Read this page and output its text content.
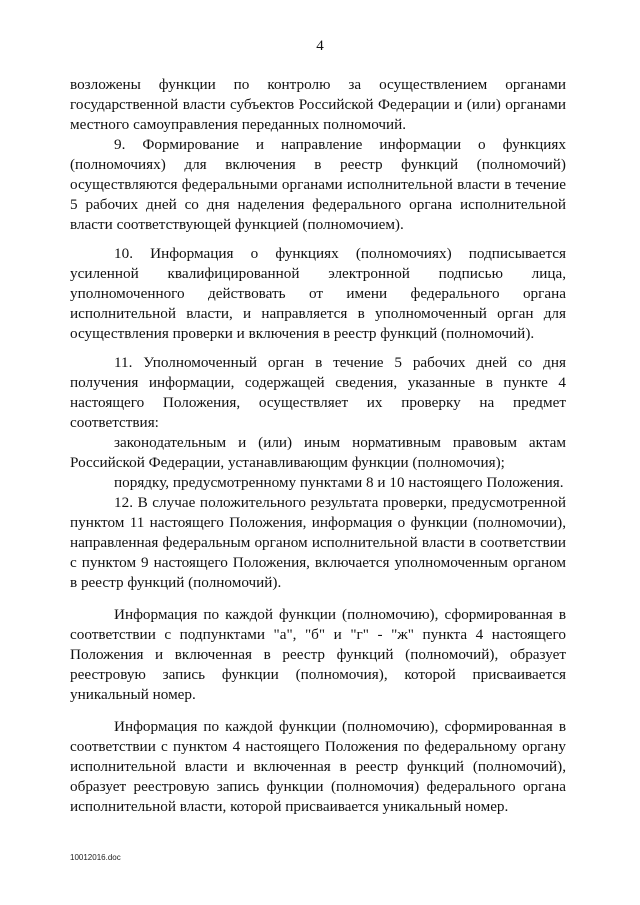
4

возложены функции по контролю за осуществлением органами государственной власти субъектов Российской Федерации и (или) органами местного самоуправления переданных полномочий.

9. Формирование и направление информации о функциях (полномочиях) для включения в реестр функций (полномочий) осуществляются федеральными органами исполнительной власти в течение 5 рабочих дней со дня наделения федерального органа исполнительной власти соответствующей функцией (полномочием).

10. Информация о функциях (полномочиях) подписывается усиленной квалифицированной электронной подписью лица, уполномоченного действовать от имени федерального органа исполнительной власти, и направляется в уполномоченный орган для осуществления проверки и включения в реестр функций (полномочий).

11. Уполномоченный орган в течение 5 рабочих дней со дня получения информации, содержащей сведения, указанные в пункте 4 настоящего Положения, осуществляет их проверку на предмет соответствия:

законодательным и (или) иным нормативным правовым актам Российской Федерации, устанавливающим функции (полномочия);

порядку, предусмотренному пунктами 8 и 10 настоящего Положения.

12. В случае положительного результата проверки, предусмотренной пунктом 11 настоящего Положения, информация о функции (полномочии), направленная федеральным органом исполнительной власти в соответствии с пунктом 9 настоящего Положения, включается уполномоченным органом в реестр функций (полномочий).

Информация по каждой функции (полномочию), сформированная в соответствии с подпунктами "а", "б" и "г" - "ж" пункта 4 настоящего Положения и включенная в реестр функций (полномочий), образует реестровую запись функции (полномочия), которой присваивается уникальный номер.

Информация по каждой функции (полномочию), сформированная в соответствии с пунктом 4 настоящего Положения по федеральному органу исполнительной власти и включенная в реестр функций (полномочий), образует реестровую запись функции (полномочия) федерального органа исполнительной власти, которой присваивается уникальный номер.

10012016.doc
